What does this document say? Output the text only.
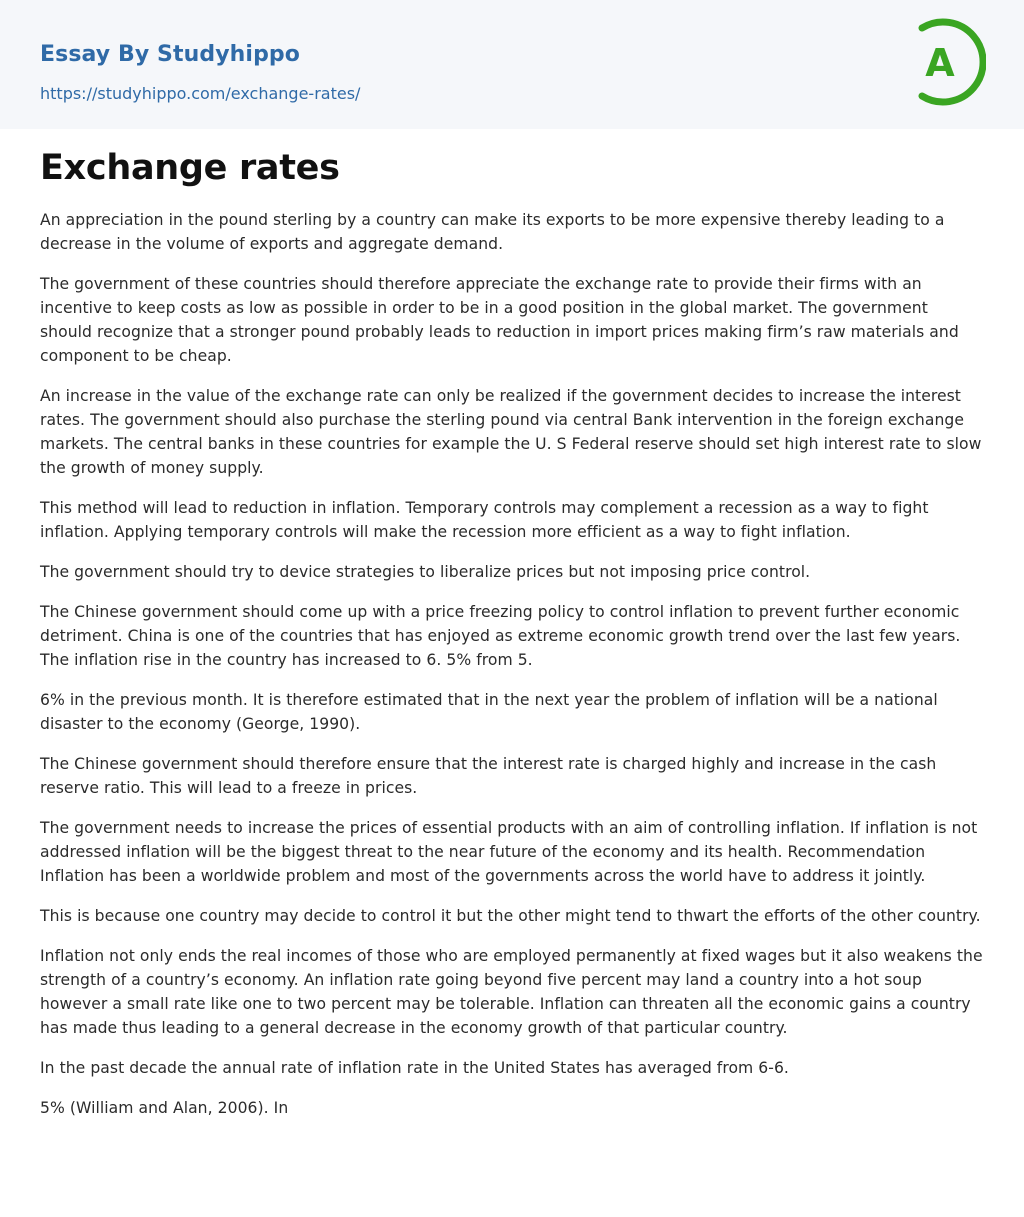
Essay By Studyhippo
https://studyhippo.com/exchange-rates/
A
Exchange rates

An appreciation in the pound sterling by a country can make its exports to be more expensive thereby leading to a decrease in the volume of exports and aggregate demand.

The government of these countries should therefore appreciate the exchange rate to provide their firms with an incentive to keep costs as low as possible in order to be in a good position in the global market. The government should recognize that a stronger pound probably leads to reduction in import prices making firm’s raw materials and component to be cheap.

An increase in the value of the exchange rate can only be realized if the government decides to increase the interest rates. The government should also purchase the sterling pound via central Bank intervention in the foreign exchange markets. The central banks in these countries for example the U. S Federal reserve should set high interest rate to slow the growth of money supply.

This method will lead to reduction in inflation. Temporary controls may complement a recession as a way to fight inflation. Applying temporary controls will make the recession more efficient as a way to fight inflation.

The government should try to device strategies to liberalize prices but not imposing price control.

The Chinese government should come up with a price freezing policy to control inflation to prevent further economic detriment. China is one of the countries that has enjoyed as extreme economic growth trend over the last few years. The inflation rise in the country has increased to 6. 5% from 5.

6% in the previous month. It is therefore estimated that in the next year the problem of inflation will be a national disaster to the economy (George, 1990).

The Chinese government should therefore ensure that the interest rate is charged highly and increase in the cash reserve ratio. This will lead to a freeze in prices.

The government needs to increase the prices of essential products with an aim of controlling inflation. If inflation is not addressed inflation will be the biggest threat to the near future of the economy and its health. Recommendation Inflation has been a worldwide problem and most of the governments across the world have to address it jointly.

This is because one country may decide to control it but the other might tend to thwart the efforts of the other country.

Inflation not only ends the real incomes of those who are employed permanently at fixed wages but it also weakens the strength of a country’s economy. An inflation rate going beyond five percent may land a country into a hot soup however a small rate like one to two percent may be tolerable. Inflation can threaten all the economic gains a country has made thus leading to a general decrease in the economy growth of that particular country.

In the past decade the annual rate of inflation rate in the United States has averaged from 6-6.

5% (William and Alan, 2006). In
